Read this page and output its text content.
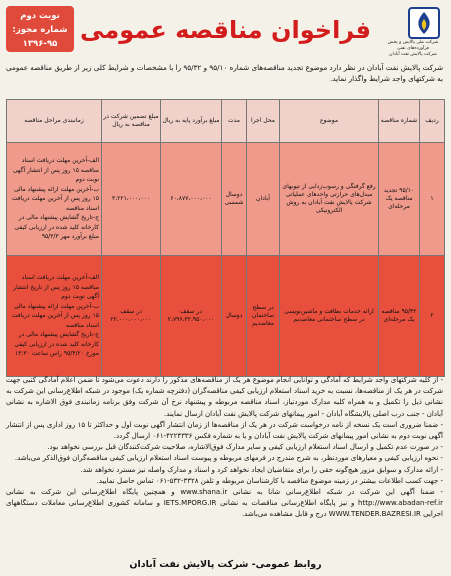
شرکت ملی پالایش و پخش فرآورده‌های نفتی
شرکت پالایش نفت آبادان
فراخوان مناقصه عمومی
نوبت دوم
شماره مجوز:
۱۳۹۶-۹۵
شرکت پالایش نفت آبادان در نظر دارد موضوع تجدید مناقصه‌های شماره ۹۵/۱۰ و ۹۵/۳۲ را با مشخصات و شرایط کلی زیر از طریق مناقصه عمومی به شرکتهای واجد شرایط واگذار نماید.
ردیف	شماره مناقصه	موضوع	محل اجرا	مدت	مبلغ برآورد پایه به ریال	مبلغ تضمین شرکت در مناقصه به ریال	زمانبندی مراحل مناقصه
۱	۹۵/۱۰ تجدید مناقصه یک مرحله‌ای	رفع گرفتگی و رسوب‌زدایی از تیوبهای مبدل‌های حرارتی واحدهای عملیاتی شرکت پالایش نفت آبادان به روش الکترونیکی	آبادان	دوسال شمسی	۶۰،۸۷۷،۰۰۰،۰۰۰	۳،۲۲۱،۰۰۰،۰۰۰	الف-آخرین مهلت دریافت اسناد مناقصه ۱۵ روز پس از انتشار آگهی نوبت دوم
ب-آخرین مهلت ارائه پیشنهاد مالی ۱۵ روز پس از آخرین مهلت دریافت اسناد مناقصه
ج-تاریخ گشایش پیشنهاد مالی در کارخانه کلید شده در ارزیابی کیفی
مبلغ برآورد مهر ۹۵/۳/۳
۲	۹۵/۳۲ مناقصه یک مرحله‌ای	ارائه خدمات نظافت و ماشین‌نویسی در سطح ساختمانی معاضدیم	در سطح ساختمان معاضدیم	دوسال	در سقف ۲،۷۹۶،۳۲،۹۵۰،۰۰۰	در سقف ۲۲،۰۰۰،۰۰۰،۰۰۰	الف-آخرین مهلت دریافت اسناد مناقصه ۱۵ روز پس از تاریخ انتشار آگهی نوبت دوم
ب-آخرین مهلت ارائه پیشنهاد مالی ۱۵ روز پس از آخرین مهلت دریافت اسناد مناقصه
ج-تاریخ گشایش پیشنهاد مالی در کارخانه کلید شده در ارزیابی کیفی مورخ ۹۵/۴/۲۰ راس ساعت ۱۳:۳۰

- از کلیه شرکتهای واجد شرایط که آمادگی و توانایی انجام موضوع هر یک از مناقصه‌های مذکور را دارند دعوت می‌شود تا ضمن اعلام آمادگی کتبی جهت شرکت در هر یک از مناقصه‌ها، نسبت به خرید اسناد استعلام ارزیابی کیفی مناقصه‌گران (دفترچه شماره یک) موجود در شبکه اطلاع‌رسانی این شرکت به نشانی ذیل را تکمیل و به همراه کلیه مدارک موردنیاز، اسناد مناقصه مربوطه و پیشنهاد نرخ آن شرکت وفق برنامه زمانبندی فوق الاشاره به نشانی آبادان - جنب درب اصلی پالایشگاه آبادان - امور پیمانهای شرکت پالایش نفت آبادان ارسال نمایند.

- ضمنا ضروری است یک نسخه از نامه درخواست شرکت در هر یک از مناقصه‌ها از زمان انتشار آگهی نوبت اول و حداکثر تا ۱۵ روز اداری پس از انتشار آگهی نوبت دوم به نشانی امور پیمانهای شرکت پالایش نفت آبادان و یا به شماره فکس ۴۲۲۴۳۳۶-۰۶۱ ارسال گردد.

- در صورت عدم تکمیل و ارسال اسناد استعلام ارزیابی کیفی و سایر مدارک فوق‌الاشاره، صلاحیت شرکت‌کنندگان قبل بررسی نخواهد بود.

- نحوه ارزیابی کیفی و معیارهای موردنظر، به شرح مندرج در فرمهای مربوطه و پیوست اسناد استعلام ارزیابی کیفی مناقصه‌گران فوق‌الذکر می‌باشد.

- ارائه مدارک و سوابق مزور هیچ‌گونه حقی را برای متقاضیان ایجاد نخواهد کرد و اسناد و مدارک واصله نیز مسترد نخواهد شد.

- جهت کسب اطلاعات بیشتر در زمینه موضوع مناقصه با کارشناسان مربوطه و تلفن ۳۳۲۸-۵۳۲-۰۶۱ تماس حاصل نمایید.

- ضمنا آگهی این شرکت در شبکه اطلاع‌رسانی شانا به نشانی www.shana.ir و همچنین پایگاه اطلاع‌رسانی این شرکت به نشانی http://www.abadan-ref.ir و نیز پایگاه اطلاع‌رسانی مناقصات به نشانی IETS.MPORG.IR و سامانه کشوری اطلاع‌رسانی معاملات دستگاههای اجرایی WWW.TENDER.BAZRESI.IR درج و قابل مشاهده می‌باشد.

روابط عمومی- شرکت پالایش نفت آبادان
